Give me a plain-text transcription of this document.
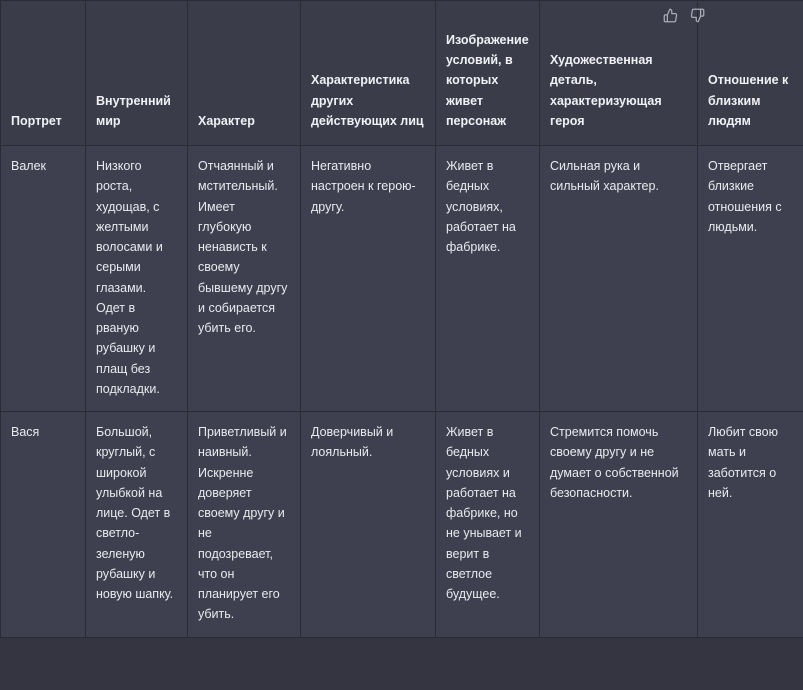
Портрет	Внутренний мир	Характер	Характеристика других действующих лиц	Изображение условий, в которых живет персонаж	Художественная деталь, характеризующая героя	Отношение к близким людям
Валек	Низкого роста, худощав, с желтыми волосами и серыми глазами. Одет в рваную рубашку и плащ без подкладки.	Отчаянный и мстительный. Имеет глубокую ненависть к своему бывшему другу и собирается убить его.	Негативно настроен к герою-другу.	Живет в бедных условиях, работает на фабрике.	Сильная рука и сильный характер.	Отвергает близкие отношения с людьми.
Вася	Большой, круглый, с широкой улыбкой на лице. Одет в светло-зеленую рубашку и новую шапку.	Приветливый и наивный. Искренне доверяет своему другу и не подозревает, что он планирует его убить.	Доверчивый и лояльный.	Живет в бедных условиях и работает на фабрике, но не унывает и верит в светлое будущее.	Стремится помочь своему другу и не думает о собственной безопасности.	Любит свою мать и заботится о ней.
